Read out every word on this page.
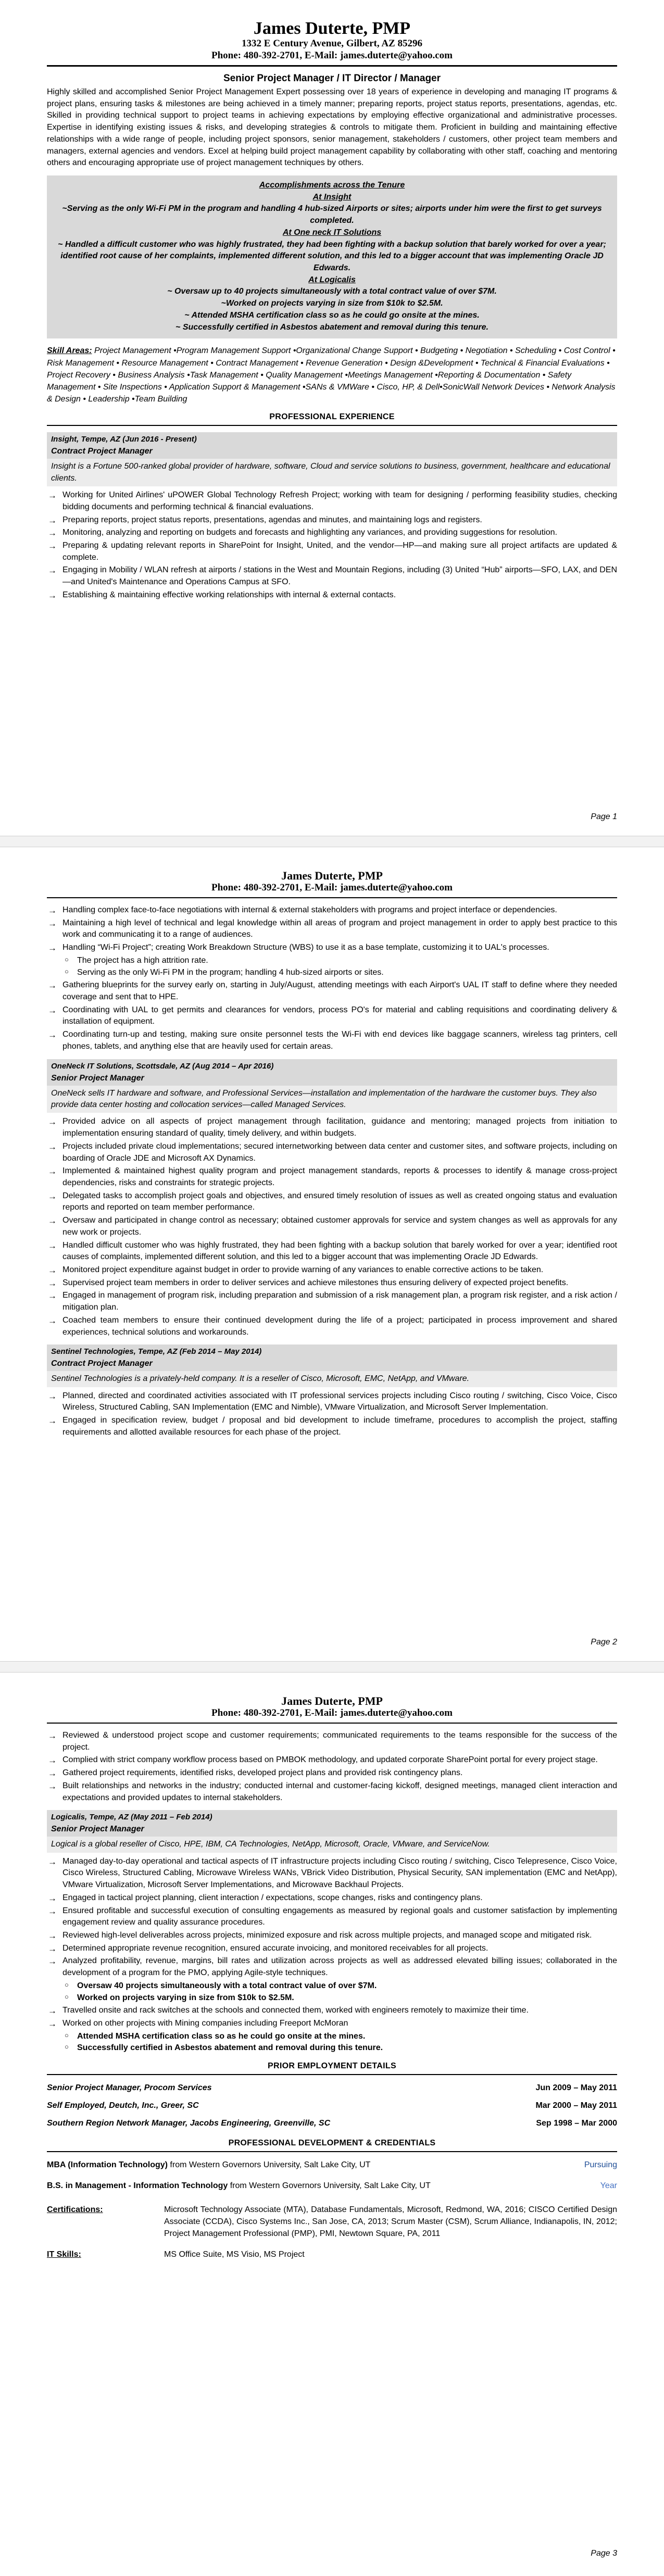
James Duterte, PMP
1332 E Century Avenue, Gilbert, AZ 85296
Phone: 480-392-2701, E-Mail: james.duterte@yahoo.com
Senior Project Manager / IT Director / Manager

Highly skilled and accomplished Senior Project Management Expert possessing over 18 years of experience in developing and managing IT programs & project plans, ensuring tasks & milestones are being achieved in a timely manner; preparing reports, project status reports, presentations, agendas, etc. Skilled in providing technical support to project teams in achieving expectations by employing effective organizational and administrative processes. Expertise in identifying existing issues & risks, and developing strategies & controls to mitigate them. Proficient in building and maintaining effective relationships with a wide range of people, including project sponsors, senior management, stakeholders / customers, other project team members and managers, external agencies and vendors. Excel at helping build project management capability by collaborating with other staff, coaching and mentoring others and encouraging appropriate use of project management techniques by others.

Accomplishments across the Tenure
At Insight
~Serving as the only Wi-Fi PM in the program and handling 4 hub-sized Airports or sites; airports under him were the first to get surveys completed.
At One neck IT Solutions
~ Handled a difficult customer who was highly frustrated, they had been fighting with a backup solution that barely worked for over a year; identified root cause of her complaints, implemented different solution, and this led to a bigger account that was implementing Oracle JD Edwards.
At Logicalis
~ Oversaw up to 40 projects simultaneously with a total contract value of over $7M.
~Worked on projects varying in size from $10k to $2.5M.
~ Attended MSHA certification class so as he could go onsite at the mines.
~ Successfully certified in Asbestos abatement and removal during this tenure.

Skill Areas: Project Management •Program Management Support •Organizational Change Support • Budgeting • Negotiation • Scheduling • Cost Control • Risk Management • Resource Management • Contract Management • Revenue Generation • Design &Development • Technical & Financial Evaluations • Project Recovery • Business Analysis •Task Management • Quality Management •Meetings Management •Reporting & Documentation • Safety Management • Site Inspections • Application Support & Management •SANs & VMWare • Cisco, HP, & Dell•SonicWall Network Devices • Network Analysis & Design • Leadership •Team Building

PROFESSIONAL EXPERIENCE
Insight, Tempe, AZ (Jun 2016 - Present)
Contract Project Manager
Insight is a Fortune 500-ranked global provider of hardware, software, Cloud and service solutions to business, government, healthcare and educational clients.
→ Working for United Airlines' uPOWER Global Technology Refresh Project; working with team for designing / performing feasibility studies, checking bidding documents and performing technical & financial evaluations.
→ Preparing reports, project status reports, presentations, agendas and minutes, and maintaining logs and registers.
→ Monitoring, analyzing and reporting on budgets and forecasts and highlighting any variances, and providing suggestions for resolution.
→ Preparing & updating relevant reports in SharePoint for Insight, United, and the vendor—HP—and making sure all project artifacts are updated & complete.
→ Engaging in Mobility / WLAN refresh at airports / stations in the West and Mountain Regions, including (3) United “Hub” airports—SFO, LAX, and DEN—and United's Maintenance and Operations Campus at SFO.
→ Establishing & maintaining effective working relationships with internal & external contacts.
Page 1
James Duterte, PMP
Phone: 480-392-2701, E-Mail: james.duterte@yahoo.com
→ Handling complex face-to-face negotiations with internal & external stakeholders with programs and project interface or dependencies.
→ Maintaining a high level of technical and legal knowledge within all areas of program and project management in order to apply best practice to this work and communicating it to a range of audiences.
→ Handling “Wi-Fi Project”; creating Work Breakdown Structure (WBS) to use it as a base template, customizing it to UAL's processes.
○ The project has a high attrition rate.
○ Serving as the only Wi-Fi PM in the program; handling 4 hub-sized airports or sites.
→ Gathering blueprints for the survey early on, starting in July/August, attending meetings with each Airport's UAL IT staff to define where they needed coverage and sent that to HPE.
→ Coordinating with UAL to get permits and clearances for vendors, process PO's for material and cabling requisitions and coordinating delivery & installation of equipment.
→ Coordinating turn-up and testing, making sure onsite personnel tests the Wi-Fi with end devices like baggage scanners, wireless tag printers, cell phones, tablets, and anything else that are heavily used for certain areas.
OneNeck IT Solutions, Scottsdale, AZ (Aug 2014 – Apr 2016)
Senior Project Manager
OneNeck sells IT hardware and software, and Professional Services—installation and implementation of the hardware the customer buys. They also provide data center hosting and collocation services—called Managed Services.
→ Provided advice on all aspects of project management through facilitation, guidance and mentoring; managed projects from initiation to implementation ensuring standard of quality, timely delivery, and within budgets.
→ Projects included private cloud implementations; secured internetworking between data center and customer sites, and software projects, including on boarding of Oracle JDE and Microsoft AX Dynamics.
→ Implemented & maintained highest quality program and project management standards, reports & processes to identify & manage cross-project dependencies, risks and constraints for strategic projects.
→ Delegated tasks to accomplish project goals and objectives, and ensured timely resolution of issues as well as created ongoing status and evaluation reports and reported on team member performance.
→ Oversaw and participated in change control as necessary; obtained customer approvals for service and system changes as well as approvals for any new work or projects.
→ Handled difficult customer who was highly frustrated, they had been fighting with a backup solution that barely worked for over a year; identified root causes of complaints, implemented different solution, and this led to a bigger account that was implementing Oracle JD Edwards.
→ Monitored project expenditure against budget in order to provide warning of any variances to enable corrective actions to be taken.
→ Supervised project team members in order to deliver services and achieve milestones thus ensuring delivery of expected project benefits.
→ Engaged in management of program risk, including preparation and submission of a risk management plan, a program risk register, and a risk action / mitigation plan.
→ Coached team members to ensure their continued development during the life of a project; participated in process improvement and shared experiences, technical solutions and workarounds.
Sentinel Technologies, Tempe, AZ (Feb 2014 – May 2014)
Contract Project Manager
Sentinel Technologies is a privately-held company. It is a reseller of Cisco, Microsoft, EMC, NetApp, and VMware.
→ Planned, directed and coordinated activities associated with IT professional services projects including Cisco routing / switching, Cisco Voice, Cisco Wireless, Structured Cabling, SAN Implementation (EMC and Nimble), VMware Virtualization, and Microsoft Server Implementation.
→ Engaged in specification review, budget / proposal and bid development to include timeframe, procedures to accomplish the project, staffing requirements and allotted available resources for each phase of the project.
Page 2
James Duterte, PMP
Phone: 480-392-2701, E-Mail: james.duterte@yahoo.com
→ Reviewed & understood project scope and customer requirements; communicated requirements to the teams responsible for the success of the project.
→ Complied with strict company workflow process based on PMBOK methodology, and updated corporate SharePoint portal for every project stage.
→ Gathered project requirements, identified risks, developed project plans and provided risk contingency plans.
→ Built relationships and networks in the industry; conducted internal and customer-facing kickoff, designed meetings, managed client interaction and expectations and provided updates to internal stakeholders.
Logicalis, Tempe, AZ (May 2011 – Feb 2014)
Senior Project Manager
Logical is a global reseller of Cisco, HPE, IBM, CA Technologies, NetApp, Microsoft, Oracle, VMware, and ServiceNow.
→ Managed day-to-day operational and tactical aspects of IT infrastructure projects including Cisco routing / switching, Cisco Telepresence, Cisco Voice, Cisco Wireless, Structured Cabling, Microwave Wireless WANs, VBrick Video Distribution, Physical Security, SAN implementation (EMC and NetApp), VMware Virtualization, Microsoft Server Implementations, and Microwave Backhaul Projects.
→ Engaged in tactical project planning, client interaction / expectations, scope changes, risks and contingency plans.
→ Ensured profitable and successful execution of consulting engagements as measured by regional goals and customer satisfaction by implementing engagement review and quality assurance procedures.
→ Reviewed high-level deliverables across projects, minimized exposure and risk across multiple projects, and managed scope and mitigated risk.
→ Determined appropriate revenue recognition, ensured accurate invoicing, and monitored receivables for all projects.
→ Analyzed profitability, revenue, margins, bill rates and utilization across projects as well as addressed elevated billing issues; collaborated in the development of a program for the PMO, applying Agile-style techniques.
○ Oversaw 40 projects simultaneously with a total contract value of over $7M.
○ Worked on projects varying in size from $10k to $2.5M.
→ Travelled onsite and rack switches at the schools and connected them, worked with engineers remotely to maximize their time.
→ Worked on other projects with Mining companies including Freeport McMoran
○ Attended MSHA certification class so as he could go onsite at the mines.
○ Successfully certified in Asbestos abatement and removal during this tenure.
PRIOR EMPLOYMENT DETAILS
Senior Project Manager, Procom Services	Jun 2009 – May 2011
Self Employed, Deutch, Inc., Greer, SC	Mar 2000 – May 2011
Southern Region Network Manager, Jacobs Engineering, Greenville, SC	Sep 1998 – Mar 2000
PROFESSIONAL DEVELOPMENT & CREDENTIALS
MBA (Information Technology) from Western Governors University, Salt Lake City, UT	Pursuing
B.S. in Management - Information Technology from Western Governors University, Salt Lake City, UT	Year
Certifications:	Microsoft Technology Associate (MTA), Database Fundamentals, Microsoft, Redmond, WA, 2016; CISCO Certified Design Associate (CCDA), Cisco Systems Inc., San Jose, CA, 2013; Scrum Master (CSM), Scrum Alliance, Indianapolis, IN, 2012; Project Management Professional (PMP), PMI, Newtown Square, PA, 2011
IT Skills:	MS Office Suite, MS Visio, MS Project
Page 3
